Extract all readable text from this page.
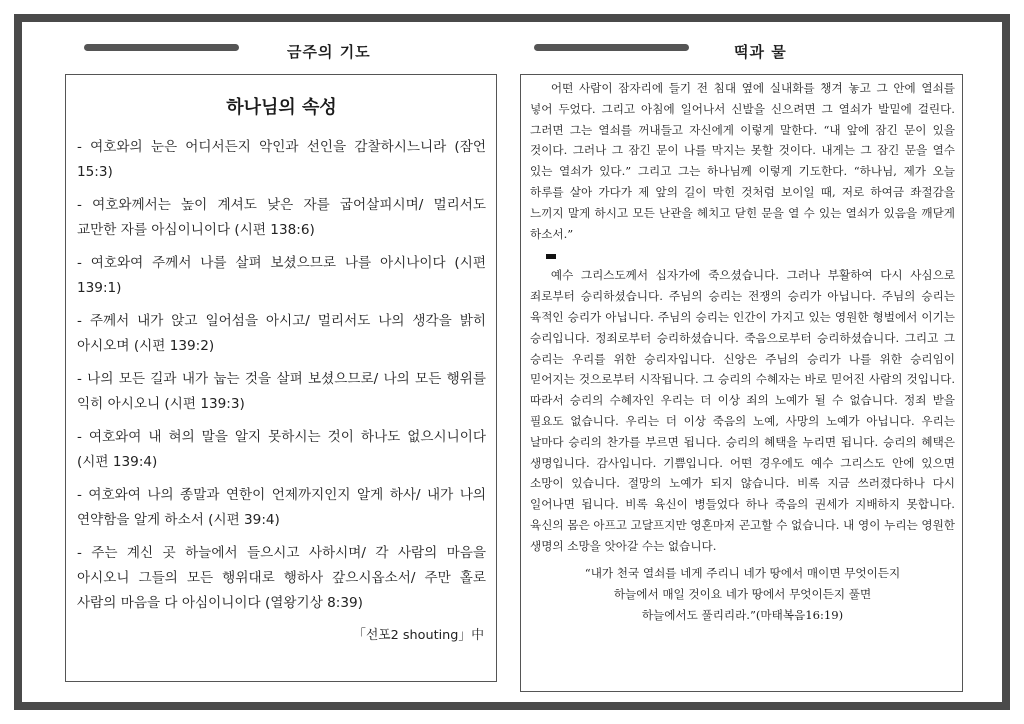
금주의 기도	떡과 물
하나님의 속성
- 여호와의 눈은 어디서든지 악인과 선인을 감찰하시느니라 (잠언 15:3)
- 여호와께서는 높이 계셔도 낮은 자를 굽어살피시며/ 멀리서도 교만한 자를 아심이니이다 (시편 138:6)
- 여호와여 주께서 나를 살펴 보셨으므로 나를 아시나이다 (시편 139:1)
- 주께서 내가 앉고 일어섬을 아시고/ 멀리서도 나의 생각을 밝히 아시오며 (시편 139:2)
- 나의 모든 길과 내가 눕는 것을 살펴 보셨으므로/ 나의 모든 행위를 익히 아시오니 (시편 139:3)
- 여호와여 내 혀의 말을 알지 못하시는 것이 하나도 없으시니이다 (시편 139:4)
- 여호와여 나의 종말과 연한이 언제까지인지 알게 하사/ 내가 나의 연약함을 알게 하소서 (시편 39:4)
- 주는 계신 곳 하늘에서 들으시고 사하시며/ 각 사람의 마음을 아시오니 그들의 모든 행위대로 행하사 갚으시옵소서/ 주만 홀로 사람의 마음을 다 아심이니이다 (열왕기상 8:39)
「선포2 shouting」中

어떤 사람이 잠자리에 들기 전 침대 옆에 실내화를 챙겨 놓고 그 안에 열쇠를 넣어 두었다. 그리고 아침에 일어나서 신발을 신으려면 그 열쇠가 발밑에 걸린다. 그러면 그는 열쇠를 꺼내들고 자신에게 이렇게 말한다. “내 앞에 잠긴 문이 있을 것이다. 그러나 그 잠긴 문이 나를 막지는 못할 것이다. 내게는 그 잠긴 문을 열수 있는 열쇠가 있다.” 그리고 그는 하나님께 이렇게 기도한다. “하나님, 제가 오늘 하루를 살아 가다가 제 앞의 길이 막힌 것처럼 보이일 때, 저로 하여금 좌절감을 느끼지 말게 하시고 모든 난관을 헤치고 닫힌 문을 열 수 있는 열쇠가 있음을 깨닫게 하소서.”

예수 그리스도께서 십자가에 죽으셨습니다. 그러나 부활하여 다시 사심으로 죄로부터 승리하셨습니다. 주님의 승리는 전쟁의 승리가 아닙니다. 주님의 승리는 육적인 승리가 아닙니다. 주님의 승리는 인간이 가지고 있는 영원한 형벌에서 이기는 승리입니다. 정죄로부터 승리하셨습니다. 죽음으로부터 승리하셨습니다. 그리고 그 승리는 우리를 위한 승리자입니다. 신앙은 주님의 승리가 나를 위한 승리임이 믿어지는 것으로부터 시작됩니다. 그 승리의 수혜자는 바로 믿어진 사람의 것입니다. 따라서 승리의 수혜자인 우리는 더 이상 죄의 노예가 될 수 없습니다. 정죄 받을 필요도 없습니다. 우리는 더 이상 죽음의 노예, 사망의 노예가 아닙니다. 우리는 날마다 승리의 찬가를 부르면 됩니다. 승리의 혜택을 누리면 됩니다. 승리의 혜택은 생명입니다. 감사입니다. 기쁨입니다. 어떤 경우에도 예수 그리스도 안에 있으면 소망이 있습니다. 절망의 노예가 되지 않습니다. 비록 지금 쓰러졌다하나 다시 일어나면 됩니다. 비록 육신이 병들었다 하나 죽음의 권세가 지배하지 못합니다. 육신의 몸은 아프고 고달프지만 영혼마저 곤고할 수 없습니다. 내 영이 누리는 영원한 생명의 소망을 앗아갈 수는 없습니다.

“내가 천국 열쇠를 네게 주리니 네가 땅에서 매이면 무엇이든지
하늘에서 매일 것이요 네가 땅에서 무엇이든지 풀면
하늘에서도 풀리리라.”(마태복음16:19)
